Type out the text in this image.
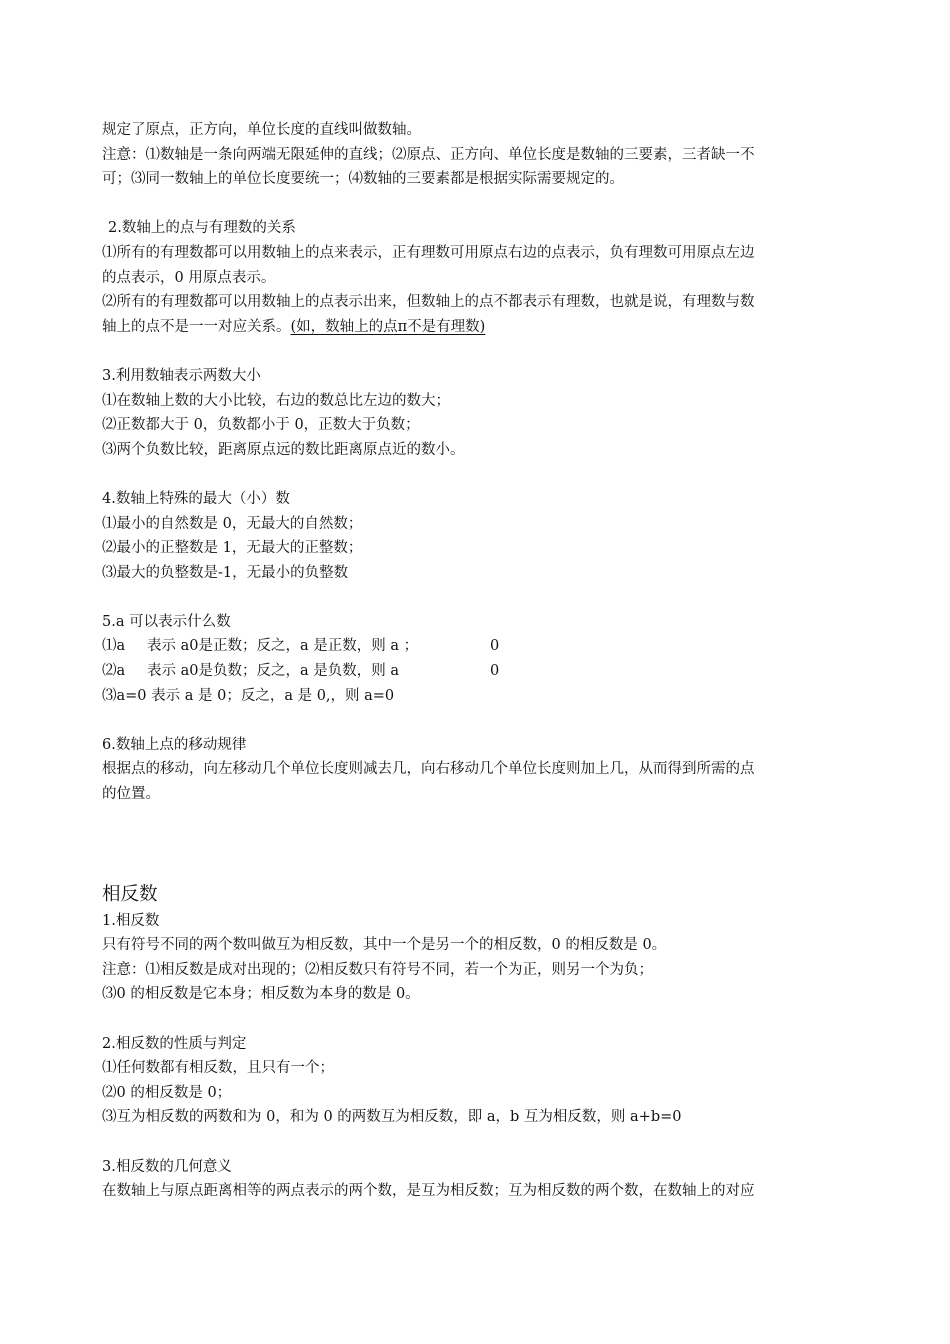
规定了原点，正方向，单位长度的直线叫做数轴。
注意：⑴数轴是一条向两端无限延伸的直线；⑵原点、正方向、单位长度是数轴的三要素，三者缺一不
可；⑶同一数轴上的单位长度要统一；⑷数轴的三要素都是根据实际需要规定的。
2.数轴上的点与有理数的关系
⑴所有的有理数都可以用数轴上的点来表示，正有理数可用原点右边的点表示，负有理数可用原点左边
的点表示，0 用原点表示。
⑵所有的有理数都可以用数轴上的点表示出来，但数轴上的点不都表示有理数，也就是说，有理数与数
轴上的点不是一一对应关系。(如，数轴上的点π不是有理数)
3.利用数轴表示两数大小
⑴在数轴上数的大小比较，右边的数总比左边的数大；
⑵正数都大于 0，负数都小于 0，正数大于负数；
⑶两个负数比较，距离原点远的数比距离原点近的数小。
4.数轴上特殊的最大（小）数
⑴最小的自然数是 0，无最大的自然数；
⑵最小的正整数是 1，无最大的正整数；
⑶最大的负整数是-1，无最小的负整数
5.a 可以表示什么数
⑴a 表示 a0是正数；反之，a 是正数，则 a ；	0
⑵a 表示 a0是负数；反之，a 是负数，则 a	0
⑶a=0 表示 a 是 0；反之，a 是 0,，则 a=0
6.数轴上点的移动规律
根据点的移动，向左移动几个单位长度则减去几，向右移动几个单位长度则加上几，从而得到所需的点
的位置。
相反数
1.相反数
只有符号不同的两个数叫做互为相反数，其中一个是另一个的相反数，0 的相反数是 0。
注意：⑴相反数是成对出现的；⑵相反数只有符号不同，若一个为正，则另一个为负；
⑶0 的相反数是它本身；相反数为本身的数是 0。
2.相反数的性质与判定
⑴任何数都有相反数，且只有一个；
⑵0 的相反数是 0；
⑶互为相反数的两数和为 0，和为 0 的两数互为相反数，即 a，b 互为相反数，则 a+b=0
3.相反数的几何意义
在数轴上与原点距离相等的两点表示的两个数，是互为相反数；互为相反数的两个数，在数轴上的对应
